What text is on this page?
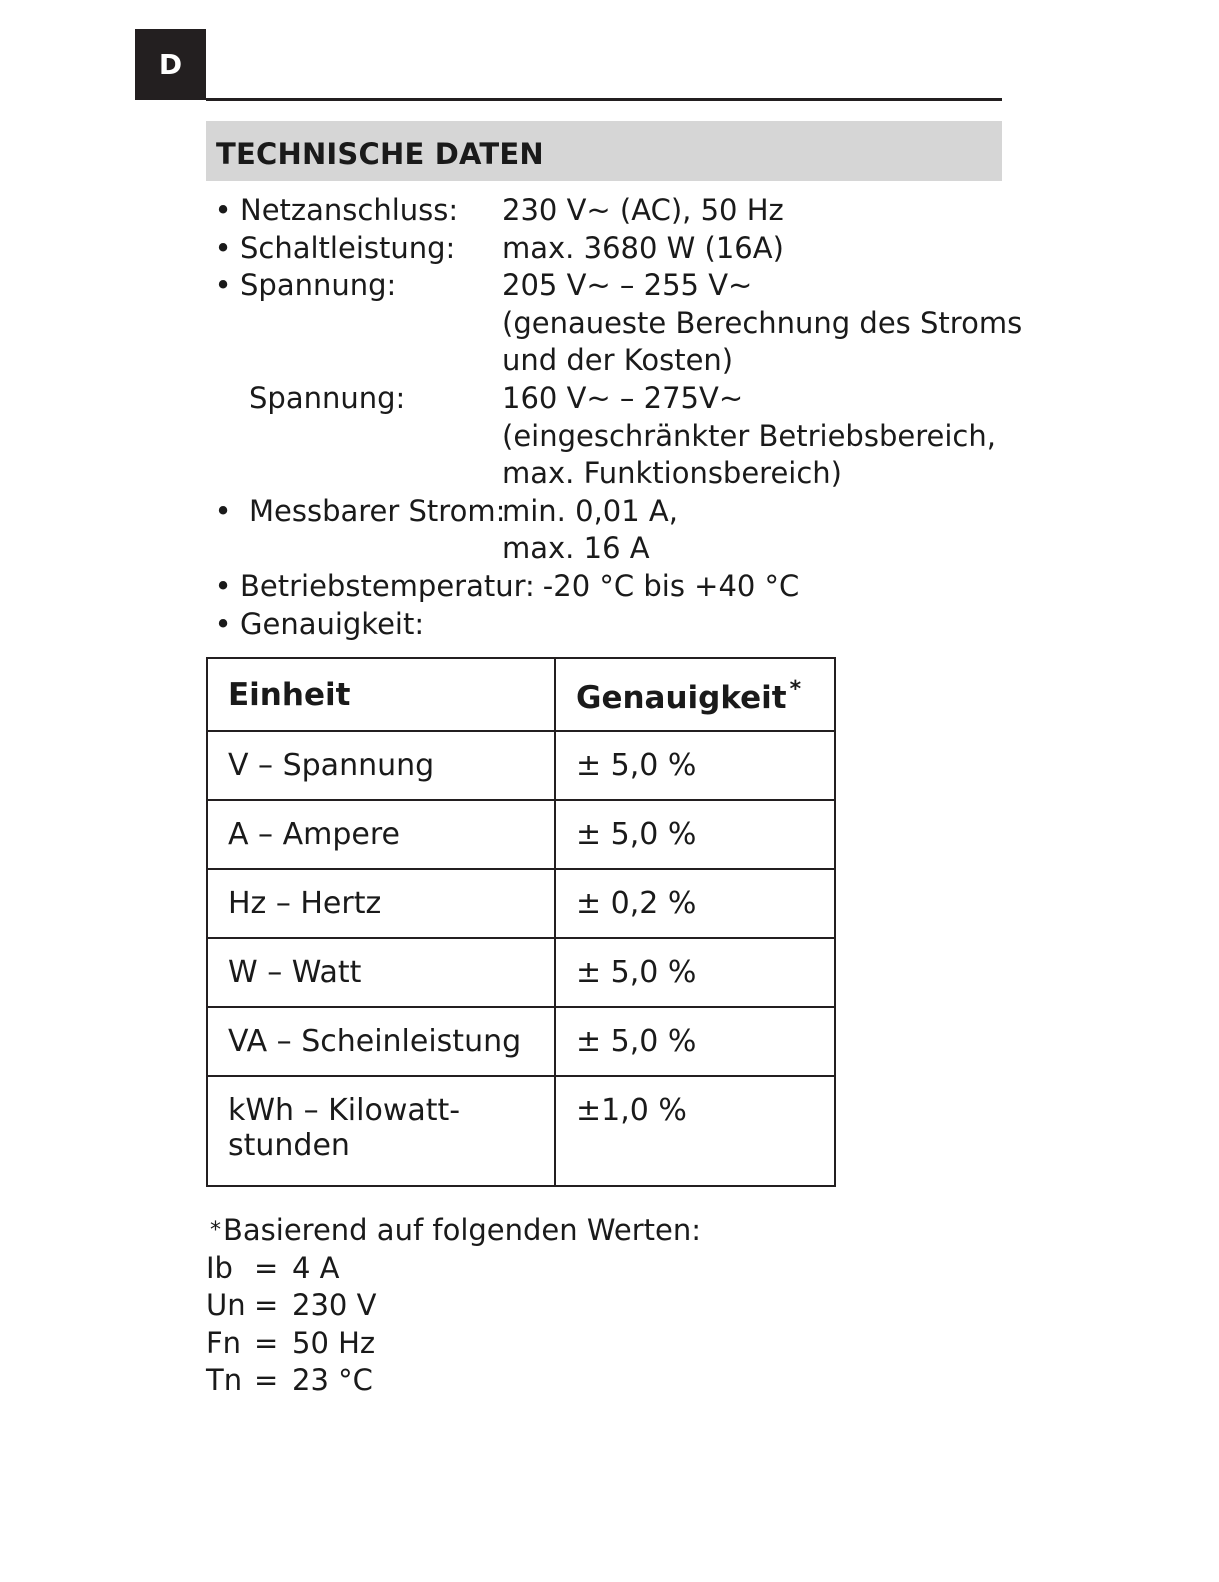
D
TECHNISCHE DATEN
• Netzanschluss:	230 V~ (AC), 50 Hz
• Schaltleistung:	max. 3680 W (16A)
• Spannung:	205 V~ – 255 V~
(genaueste Berechnung des Stroms
und der Kosten)
Spannung:	160 V~ – 275V~
(eingeschränkter Betriebsbereich,
max. Funktionsbereich)
• Messbarer Strom:
min. 0,01 A,
max. 16 A
• Betriebstemperatur: -20 °C bis +40 °C
• Genauigkeit:
Einheit	Genauigkeit *
V – Spannung	± 5,0 %
A – Ampere	± 5,0 %
Hz – Hertz	± 0,2 %
W – Watt	± 5,0 %
VA – Scheinleistung	± 5,0 %

kWh – Kilowatt-
stunden	±1,0 %
* Basierend auf folgenden Werten:
Ib = 4 A
Un = 230 V
Fn = 50 Hz
Tn = 23 °C
